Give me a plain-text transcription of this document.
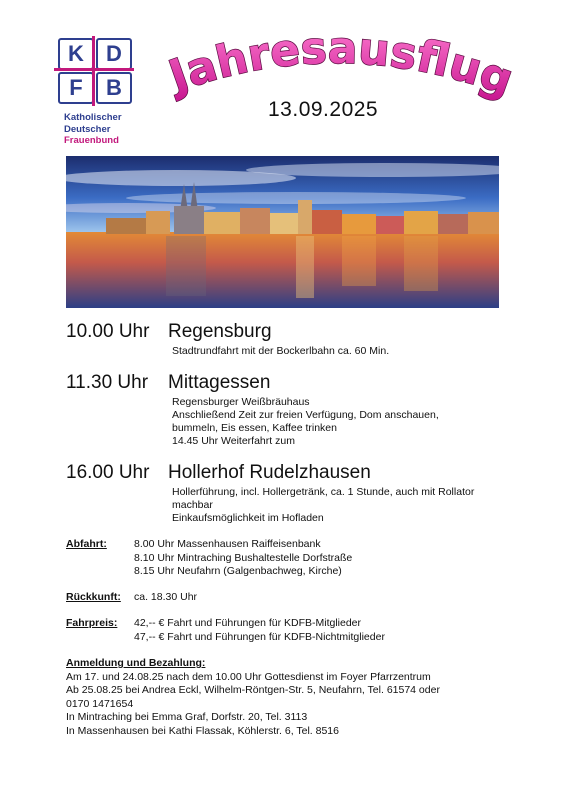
K	D
F	B
Katholischer
Deutscher
Frauenbund
Jahresausflug
13.09.2025
10.00 Uhr Regensburg
Stadtrundfahrt mit der Bockerlbahn ca. 60 Min.
11.30 Uhr Mittagessen
Regensburger Weißbräuhaus
Anschließend Zeit zur freien Verfügung, Dom anschauen,
bummeln, Eis essen, Kaffee trinken
14.45 Uhr Weiterfahrt zum
16.00 Uhr Hollerhof Rudelzhausen
Hollerführung, incl. Hollergetränk, ca. 1 Stunde, auch mit Rollator
machbar
Einkaufsmöglichkeit im Hofladen
Abfahrt:	8.00 Uhr Massenhausen Raiffeisenbank
8.10 Uhr Mintraching Bushaltestelle Dorfstraße
8.15 Uhr Neufahrn (Galgenbachweg, Kirche)
Rückkunft: ca. 18.30 Uhr
Fahrpreis: 42,-- € Fahrt und Führungen für KDFB-Mitglieder
47,-- € Fahrt und Führungen für KDFB-Nichtmitglieder
Anmeldung und Bezahlung:
Am 17. und 24.08.25 nach dem 10.00 Uhr Gottesdienst im Foyer Pfarrzentrum
Ab 25.08.25 bei Andrea Eckl, Wilhelm-Röntgen-Str. 5, Neufahrn, Tel. 61574 oder
0170 1471654
In Mintraching bei Emma Graf, Dorfstr. 20, Tel. 3113
In Massenhausen bei Kathi Flassak, Köhlerstr. 6, Tel. 8516
